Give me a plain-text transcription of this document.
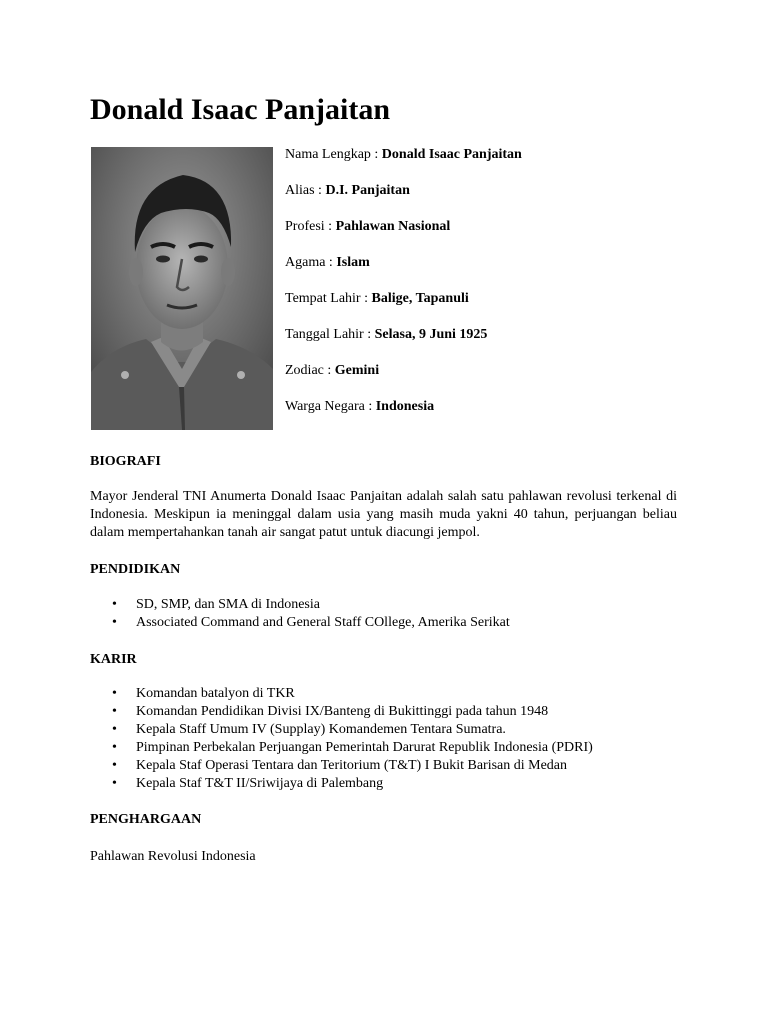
Donald Isaac Panjaitan
Nama Lengkap : Donald Isaac Panjaitan
Alias : D.I. Panjaitan
Profesi : Pahlawan Nasional
Agama : Islam
Tempat Lahir : Balige, Tapanuli
Tanggal Lahir : Selasa, 9 Juni 1925
Zodiac : Gemini
Warga Negara : Indonesia
BIOGRAFI

Mayor Jenderal TNI Anumerta Donald Isaac Panjaitan adalah salah satu pahlawan revolusi terkenal di Indonesia. Meskipun ia meninggal dalam usia yang masih muda yakni 40 tahun, perjuangan beliau dalam mempertahankan tanah air sangat patut untuk diacungi jempol.

PENDIDIKAN
•	SD, SMP, dan SMA di Indonesia
•	Associated Command and General Staff COllege, Amerika Serikat
KARIR
•	Komandan batalyon di TKR
•	Komandan Pendidikan Divisi IX/Banteng di Bukittinggi pada tahun 1948
•	Kepala Staff Umum IV (Supplay) Komandemen Tentara Sumatra.
•	Pimpinan Perbekalan Perjuangan Pemerintah Darurat Republik Indonesia (PDRI)
•	Kepala Staf Operasi Tentara dan Teritorium (T&T) I Bukit Barisan di Medan
•	Kepala Staf T&T II/Sriwijaya di Palembang
PENGHARGAAN

Pahlawan Revolusi Indonesia
